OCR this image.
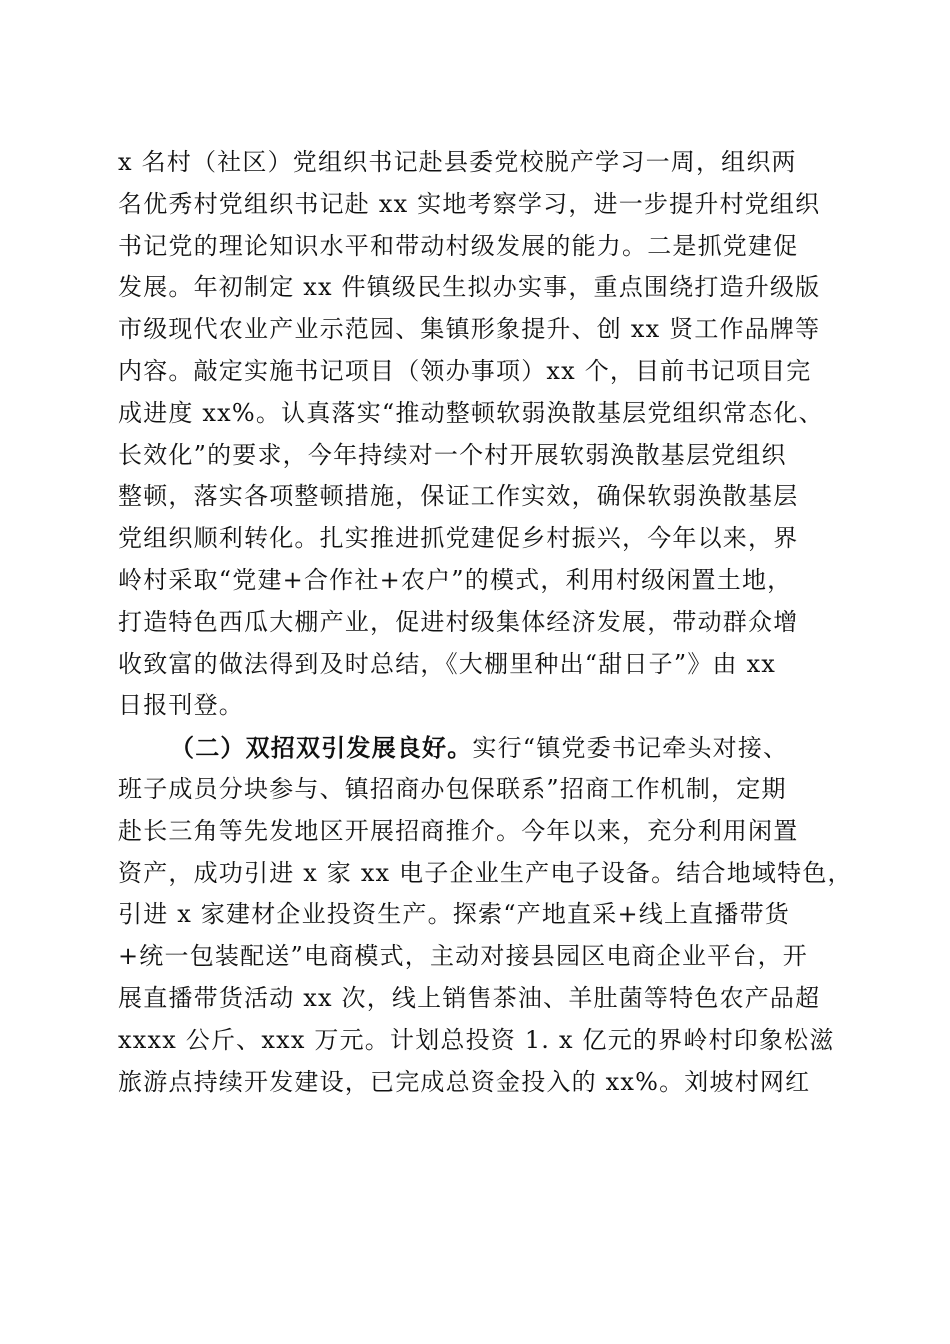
x 名村（社区）党组织书记赴县委党校脱产学习一周，组织两
名优秀村党组织书记赴 xx 实地考察学习，进一步提升村党组织
书记党的理论知识水平和带动村级发展的能力。二是抓党建促
发展。年初制定 xx 件镇级民生拟办实事，重点围绕打造升级版
市级现代农业产业示范园、集镇形象提升、创 xx 贤工作品牌等
内容。敲定实施书记项目（领办事项）xx 个，目前书记项目完
成进度 xx%。认真落实“推动整顿软弱涣散基层党组织常态化、
长效化”的要求，今年持续对一个村开展软弱涣散基层党组织
整顿，落实各项整顿措施，保证工作实效，确保软弱涣散基层
党组织顺利转化。扎实推进抓党建促乡村振兴，今年以来，界
岭村采取“党建+合作社+农户”的模式，利用村级闲置土地，
打造特色西瓜大棚产业，促进村级集体经济发展，带动群众增
收致富的做法得到及时总结，《大棚里种出“甜日子”》由 xx
日报刊登。
（二）双招双引发展良好。实行“镇党委书记牵头对接、
班子成员分块参与、镇招商办包保联系”招商工作机制，定期
赴长三角等先发地区开展招商推介。今年以来，充分利用闲置
资产，成功引进 x 家 xx 电子企业生产电子设备。结合地域特色，
引进 x 家建材企业投资生产。探索“产地直采+线上直播带货
+统一包装配送”电商模式，主动对接县园区电商企业平台，开
展直播带货活动 xx 次，线上销售茶油、羊肚菌等特色农产品超
xxxx 公斤、xxx 万元。计划总投资 1. x 亿元的界岭村印象松滋
旅游点持续开发建设，已完成总资金投入的 xx%。刘坡村网红
